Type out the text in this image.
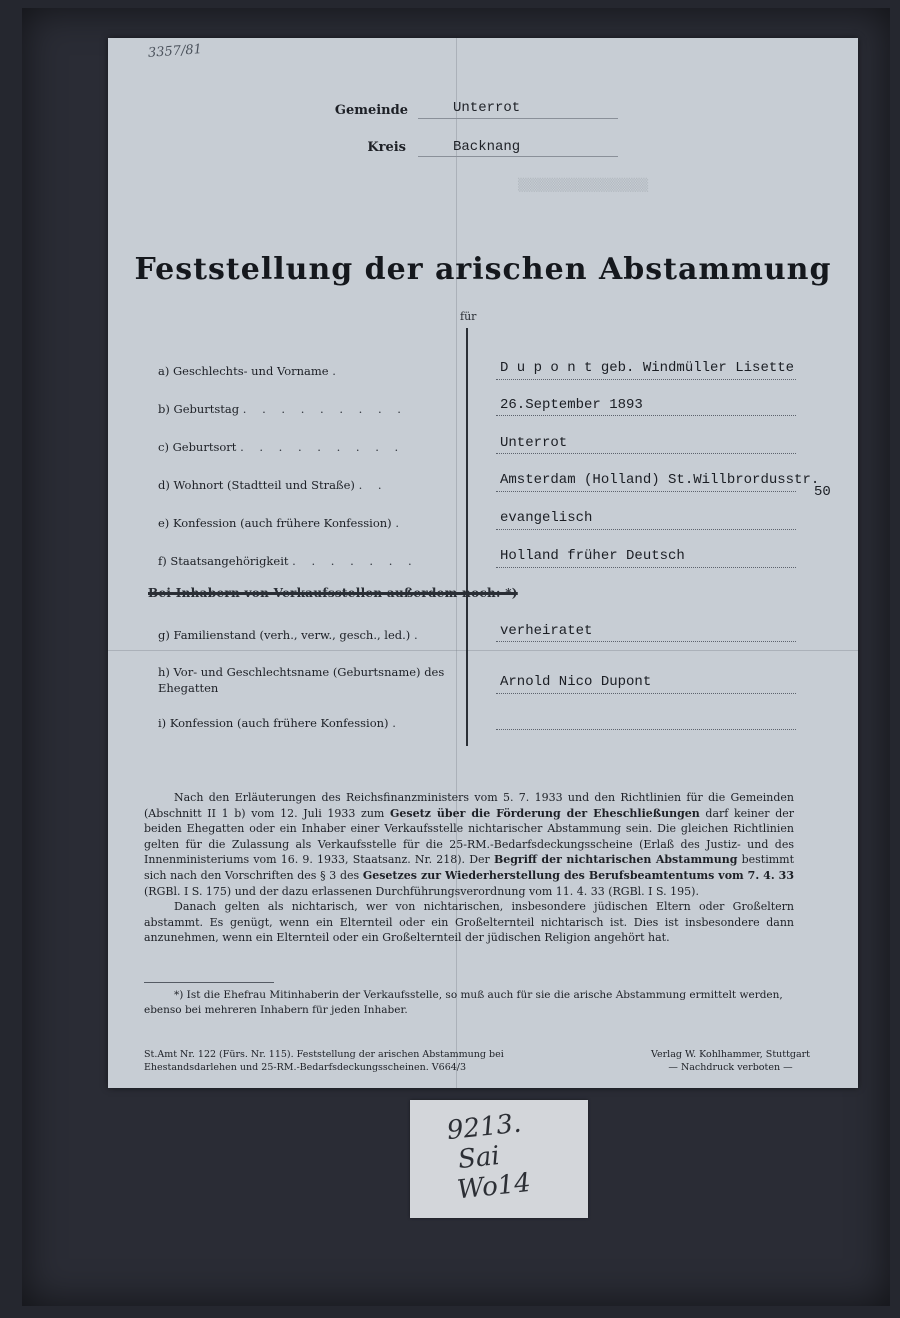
▒▒▒▒▒▒▒▒▒▒▒▒▒▒▒▒▒▒
3357/81
Gemeinde	Unterrot
Kreis	Backnang
Feststellung der arischen Abstammung
für
a) Geschlechts- und Vorname .	D u p o n t geb. Windmüller Lisette
b) Geburtstag . . . . . . . . .	26.September 1893
c) Geburtsort . . . . . . . . .	Unterrot
d) Wohnort (Stadtteil und Straße) . .	Amsterdam (Holland) St.Willbrordusstr.
50
e) Konfession (auch frühere Konfession) .	evangelisch
f) Staatsangehörigkeit . . . . . . .	Holland früher Deutsch
Bei Inhabern von Verkaufsstellen außerdem noch: *)
g) Familienstand (verh., verw., gesch., led.) .	verheiratet
h) Vor- und Geschlechtsname (Geburtsname) des Ehegatten	Arnold Nico Dupont
i) Konfession (auch frühere Konfession) .

Nach den Erläuterungen des Reichsfinanzministers vom 5. 7. 1933 und den Richtlinien für die Gemeinden (Abschnitt II 1 b) vom 12. Juli 1933 zum Gesetz über die Förderung der Eheschließungen darf keiner der beiden Ehegatten oder ein Inhaber einer Verkaufsstelle nichtarischer Abstammung sein. Die gleichen Richtlinien gelten für die Zulassung als Verkaufsstelle für die 25-RM.-Bedarfsdeckungsscheine (Erlaß des Justiz- und des Innenministeriums vom 16. 9. 1933, Staatsanz. Nr. 218). Der Begriff der nichtarischen Abstammung bestimmt sich nach den Vorschriften des § 3 des Gesetzes zur Wiederherstellung des Berufsbeamtentums vom 7. 4. 33 (RGBl. I S. 175) und der dazu erlassenen Durchführungsverordnung vom 11. 4. 33 (RGBl. I S. 195).

Danach gelten als nichtarisch, wer von nichtarischen, insbesondere jüdischen Eltern oder Großeltern abstammt. Es genügt, wenn ein Elternteil oder ein Großelternteil nichtarisch ist. Dies ist insbesondere dann anzunehmen, wenn ein Elternteil oder ein Großelternteil der jüdischen Religion angehört hat.

*) Ist die Ehefrau Mitinhaberin der Verkaufsstelle, so muß auch für sie die arische Abstammung ermittelt werden, ebenso bei mehreren Inhabern für jeden Inhaber.
St.Amt Nr. 122 (Fürs. Nr. 115). Feststellung der arischen Abstammung bei Ehestandsdarlehen und 25-RM.-Bedarfsdeckungsscheinen. V664/3
Verlag W. Kohlhammer, Stuttgart
— Nachdruck verboten —
9213.
Sai
Wo14
